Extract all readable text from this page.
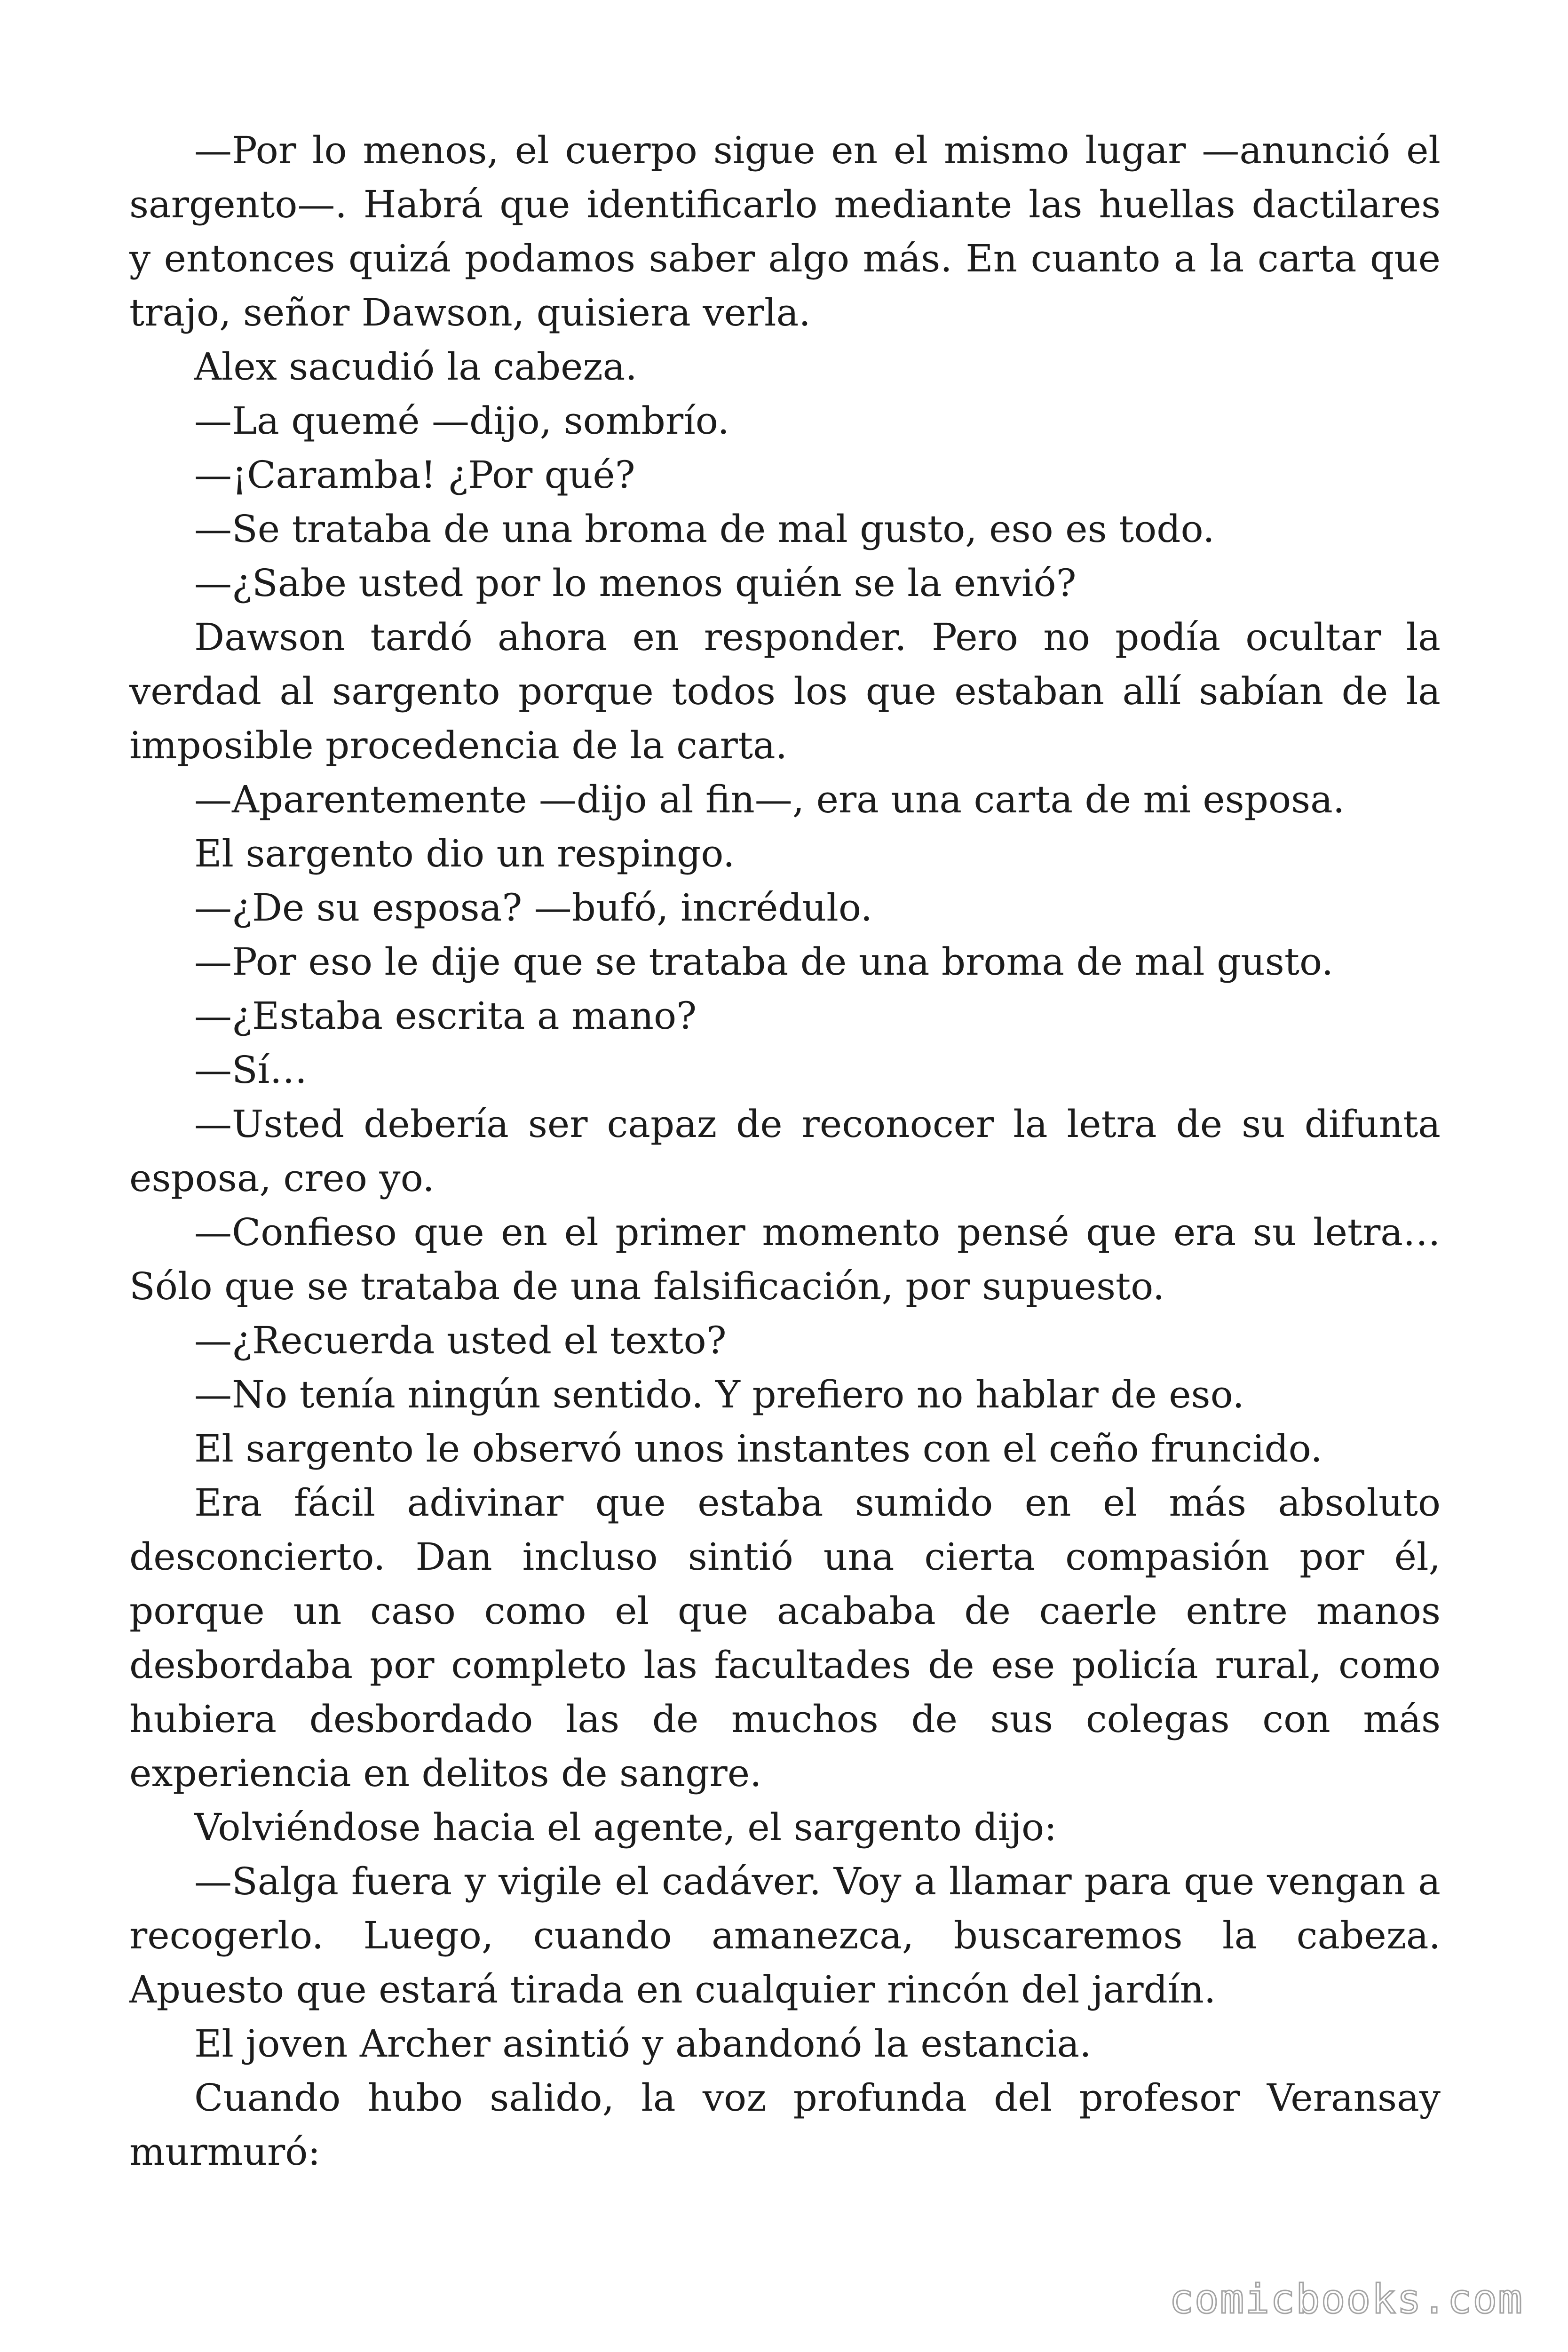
—Por lo menos, el cuerpo sigue en el mismo lugar —anunció el sargento—. Habrá que identificarlo mediante las huellas dactilares y entonces quizá podamos saber algo más. En cuanto a la carta que trajo, señor Dawson, quisiera verla.

Alex sacudió la cabeza.

—La quemé —dijo, sombrío.

—¡Caramba! ¿Por qué?

—Se trataba de una broma de mal gusto, eso es todo.

—¿Sabe usted por lo menos quién se la envió?

Dawson tardó ahora en responder. Pero no podía ocultar la verdad al sargento porque todos los que estaban allí sabían de la imposible procedencia de la carta.

—Aparentemente —dijo al fin—, era una carta de mi esposa.

El sargento dio un respingo.

—¿De su esposa? —bufó, incrédulo.

—Por eso le dije que se trataba de una broma de mal gusto.

—¿Estaba escrita a mano?

—Sí…

—Usted debería ser capaz de reconocer la letra de su difunta esposa, creo yo.

—Confieso que en el primer momento pensé que era su letra… Sólo que se trataba de una falsificación, por supuesto.

—¿Recuerda usted el texto?

—No tenía ningún sentido. Y prefiero no hablar de eso.

El sargento le observó unos instantes con el ceño fruncido.

Era fácil adivinar que estaba sumido en el más absoluto desconcierto. Dan incluso sintió una cierta compasión por él, porque un caso como el que acababa de caerle entre manos desbordaba por completo las facultades de ese policía rural, como hubiera desbordado las de muchos de sus colegas con más experiencia en delitos de sangre.

Volviéndose hacia el agente, el sargento dijo:

—Salga fuera y vigile el cadáver. Voy a llamar para que vengan a recogerlo. Luego, cuando amanezca, buscaremos la cabeza. Apuesto que estará tirada en cualquier rincón del jardín.

El joven Archer asintió y abandonó la estancia.

Cuando hubo salido, la voz profunda del profesor Veransay murmuró:

comicbooks.com
